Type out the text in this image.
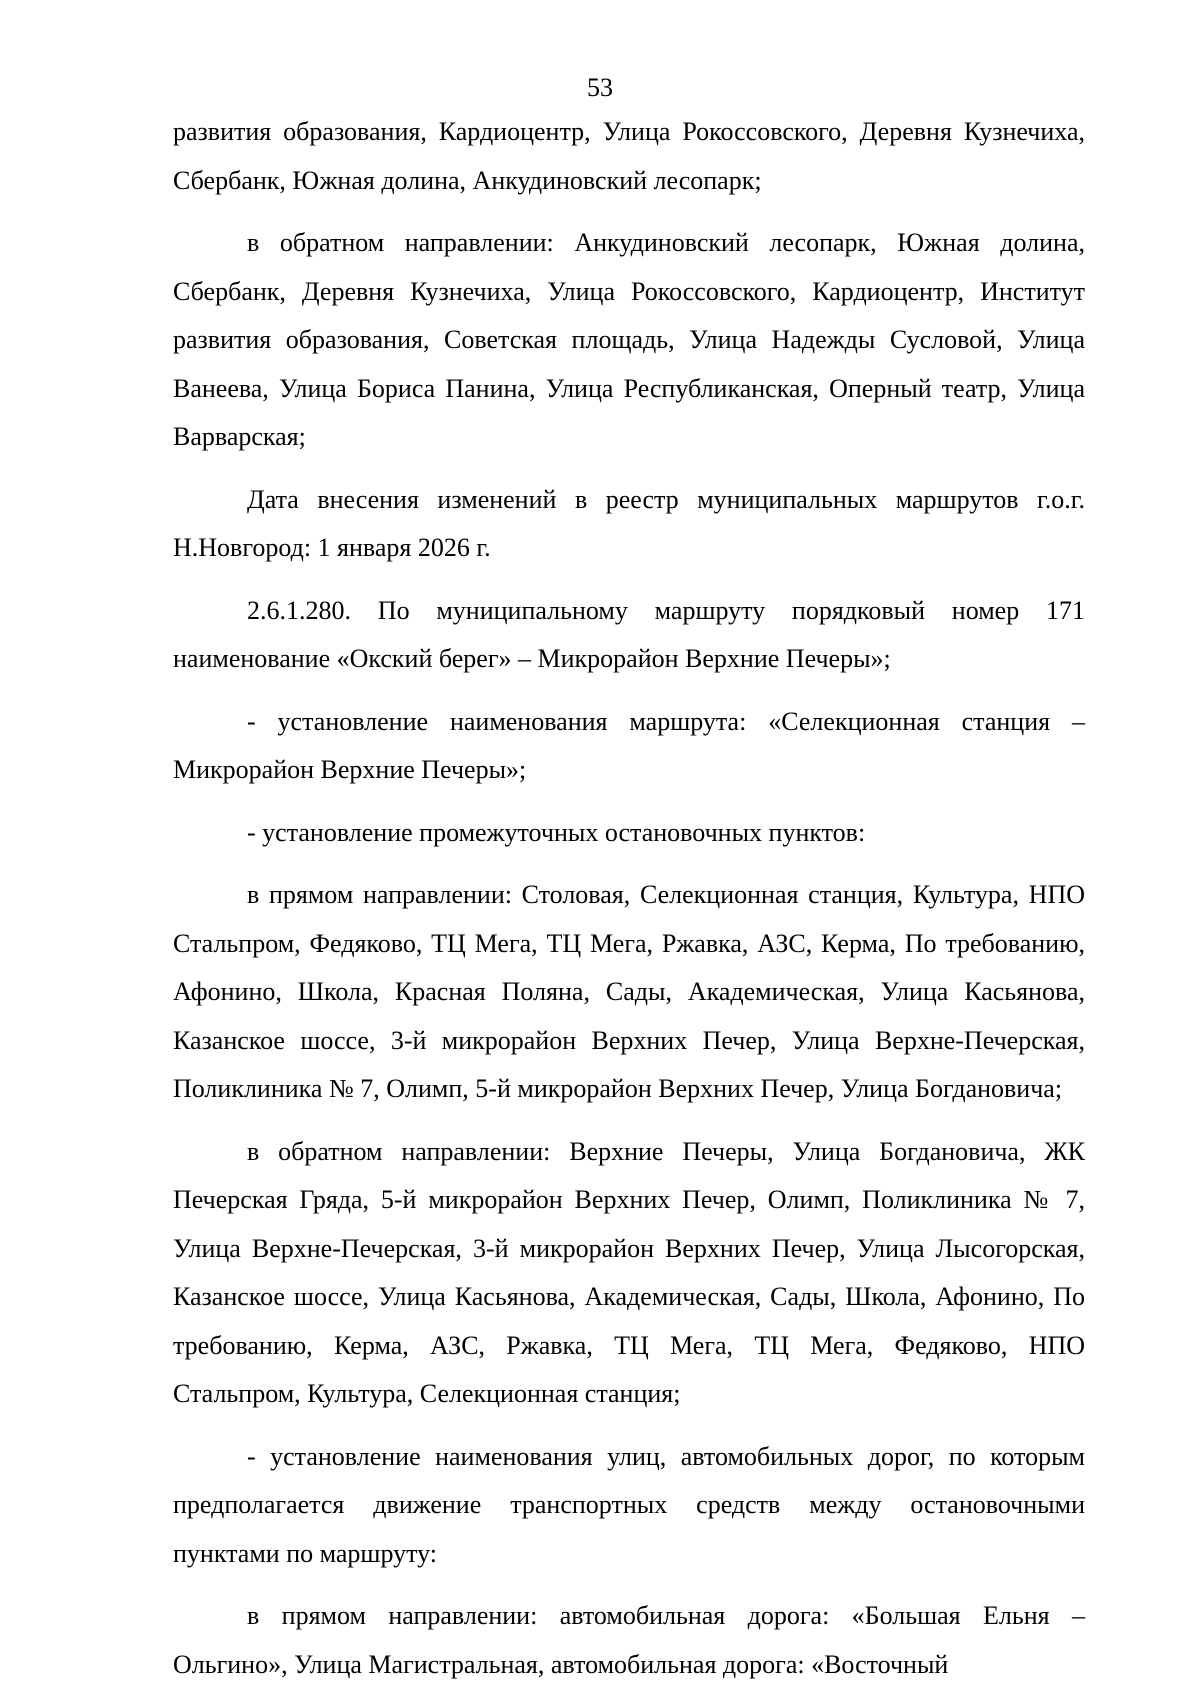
53

развития образования, Кардиоцентр, Улица Рокоссовского, Деревня Кузнечиха, Сбербанк, Южная долина, Анкудиновский лесопарк;

в обратном направлении: Анкудиновский лесопарк, Южная долина, Сбербанк, Деревня Кузнечиха, Улица Рокоссовского, Кардиоцентр, Институт развития образования, Советская площадь, Улица Надежды Сусловой, Улица Ванеева, Улица Бориса Панина, Улица Республиканская, Оперный театр, Улица Варварская;

Дата внесения изменений в реестр муниципальных маршрутов г.о.г. Н.Новгород: 1 января 2026 г.

2.6.1.280. По муниципальному маршруту порядковый номер 171 наименование «Окский берег» – Микрорайон Верхние Печеры»;

- установление наименования маршрута: «Селекционная станция – Микрорайон Верхние Печеры»;

- установление промежуточных остановочных пунктов:

в прямом направлении: Столовая, Селекционная станция, Культура, НПО Стальпром, Федяково, ТЦ Мега, ТЦ Мега, Ржавка, АЗС, Керма, По требованию, Афонино, Школа, Красная Поляна, Сады, Академическая, Улица Касьянова, Казанское шоссе, 3-й микрорайон Верхних Печер, Улица Верхне-Печерская, Поликлиника № 7, Олимп, 5-й микрорайон Верхних Печер, Улица Богдановича;

в обратном направлении: Верхние Печеры, Улица Богдановича, ЖК Печерская Гряда, 5-й микрорайон Верхних Печер, Олимп, Поликлиника № 7, Улица Верхне-Печерская, 3-й микрорайон Верхних Печер, Улица Лысогорская, Казанское шоссе, Улица Касьянова, Академическая, Сады, Школа, Афонино, По требованию, Керма, АЗС, Ржавка, ТЦ Мега, ТЦ Мега, Федяково, НПО Стальпром, Культура, Селекционная станция;

- установление наименования улиц, автомобильных дорог, по которым предполагается движение транспортных средств между остановочными пунктами по маршруту:

в прямом направлении: автомобильная дорога: «Большая Ельня – Ольгино», Улица Магистральная, автомобильная дорога: «Восточный
